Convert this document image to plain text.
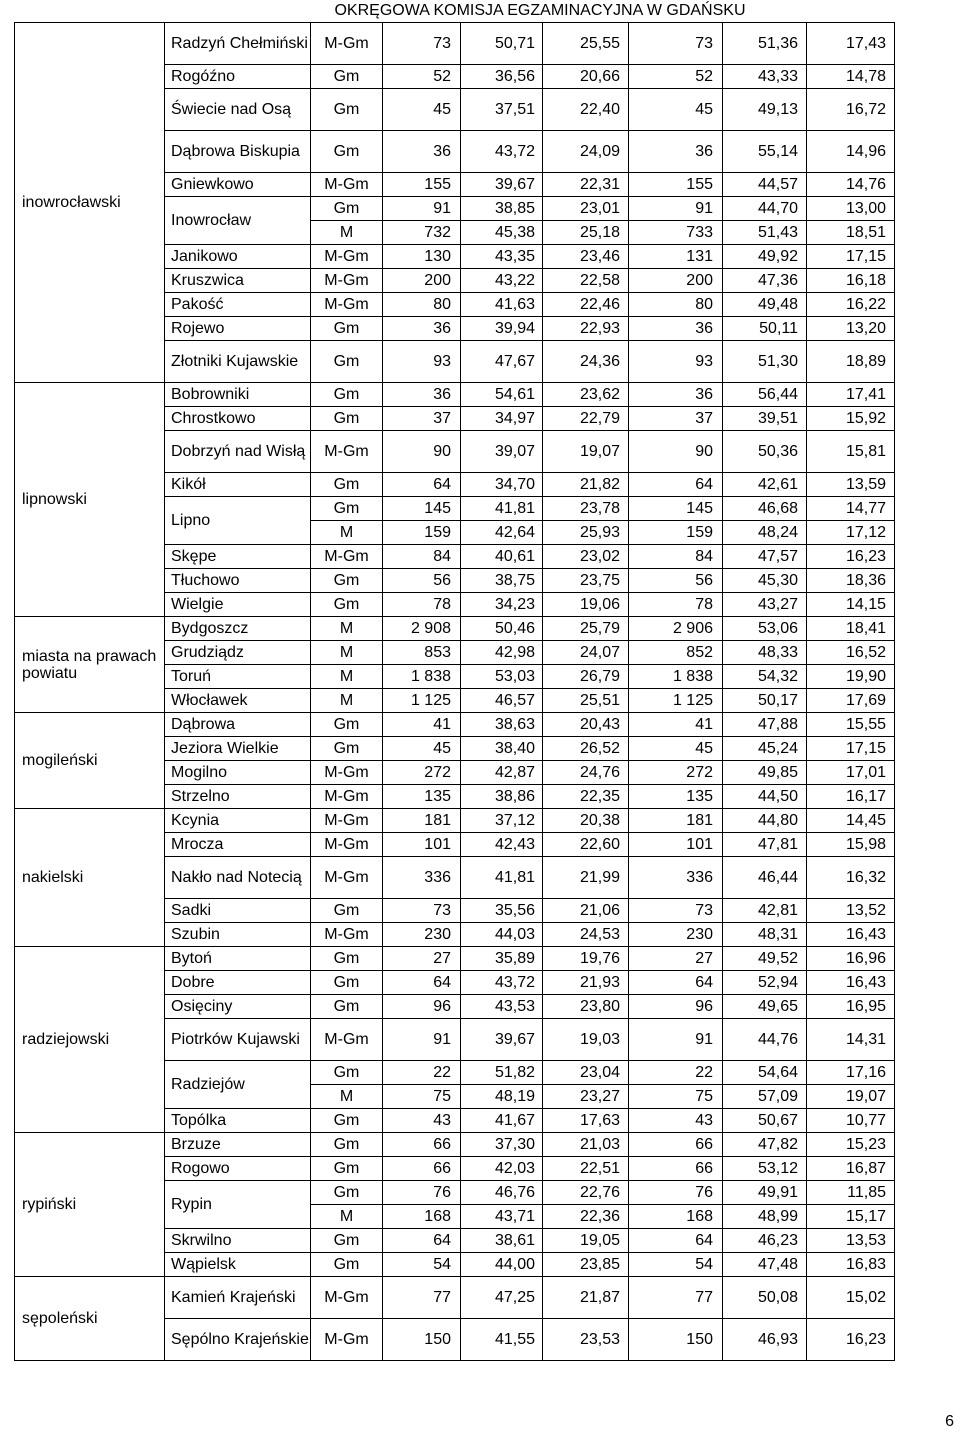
OKRĘGOWA KOMISJA EGZAMINACYJNA W GDAŃSKU
inowrocławski	Radzyń Chełmiński	M-Gm	73	50,71	25,55	73	51,36	17,43
	Rogóźno	Gm	52	36,56	20,66	52	43,33	14,78
	Świecie nad Osą	Gm	45	37,51	22,40	45	49,13	16,72
	Dąbrowa Biskupia	Gm	36	43,72	24,09	36	55,14	14,96
	Gniewkowo	M-Gm	155	39,67	22,31	155	44,57	14,76
	Inowrocław	Gm	91	38,85	23,01	91	44,70	13,00
		M	732	45,38	25,18	733	51,43	18,51
	Janikowo	M-Gm	130	43,35	23,46	131	49,92	17,15
	Kruszwica	M-Gm	200	43,22	22,58	200	47,36	16,18
	Pakość	M-Gm	80	41,63	22,46	80	49,48	16,22
	Rojewo	Gm	36	39,94	22,93	36	50,11	13,20
	Złotniki Kujawskie	Gm	93	47,67	24,36	93	51,30	18,89
lipnowski	Bobrowniki	Gm	36	54,61	23,62	36	56,44	17,41
	Chrostkowo	Gm	37	34,97	22,79	37	39,51	15,92
	Dobrzyń nad Wisłą	M-Gm	90	39,07	19,07	90	50,36	15,81
	Kikół	Gm	64	34,70	21,82	64	42,61	13,59
	Lipno	Gm	145	41,81	23,78	145	46,68	14,77
		M	159	42,64	25,93	159	48,24	17,12
	Skępe	M-Gm	84	40,61	23,02	84	47,57	16,23
	Tłuchowo	Gm	56	38,75	23,75	56	45,30	18,36
	Wielgie	Gm	78	34,23	19,06	78	43,27	14,15
miasta na prawach powiatu	Bydgoszcz	M	2 908	50,46	25,79	2 906	53,06	18,41
	Grudziądz	M	853	42,98	24,07	852	48,33	16,52
	Toruń	M	1 838	53,03	26,79	1 838	54,32	19,90
	Włocławek	M	1 125	46,57	25,51	1 125	50,17	17,69
mogileński	Dąbrowa	Gm	41	38,63	20,43	41	47,88	15,55
	Jeziora Wielkie	Gm	45	38,40	26,52	45	45,24	17,15
	Mogilno	M-Gm	272	42,87	24,76	272	49,85	17,01
	Strzelno	M-Gm	135	38,86	22,35	135	44,50	16,17
nakielski	Kcynia	M-Gm	181	37,12	20,38	181	44,80	14,45
	Mrocza	M-Gm	101	42,43	22,60	101	47,81	15,98
	Nakło nad Notecią	M-Gm	336	41,81	21,99	336	46,44	16,32
	Sadki	Gm	73	35,56	21,06	73	42,81	13,52
	Szubin	M-Gm	230	44,03	24,53	230	48,31	16,43
radziejowski	Bytoń	Gm	27	35,89	19,76	27	49,52	16,96
	Dobre	Gm	64	43,72	21,93	64	52,94	16,43
	Osięciny	Gm	96	43,53	23,80	96	49,65	16,95
	Piotrków Kujawski	M-Gm	91	39,67	19,03	91	44,76	14,31
	Radziejów	Gm	22	51,82	23,04	22	54,64	17,16
		M	75	48,19	23,27	75	57,09	19,07
	Topólka	Gm	43	41,67	17,63	43	50,67	10,77
rypiński	Brzuze	Gm	66	37,30	21,03	66	47,82	15,23
	Rogowo	Gm	66	42,03	22,51	66	53,12	16,87
	Rypin	Gm	76	46,76	22,76	76	49,91	11,85
		M	168	43,71	22,36	168	48,99	15,17
	Skrwilno	Gm	64	38,61	19,05	64	46,23	13,53
	Wąpielsk	Gm	54	44,00	23,85	54	47,48	16,83
sępoleński	Kamień Krajeński	M-Gm	77	47,25	21,87	77	50,08	15,02
	Sępólno Krajeńskie	M-Gm	150	41,55	23,53	150	46,93	16,23
6
